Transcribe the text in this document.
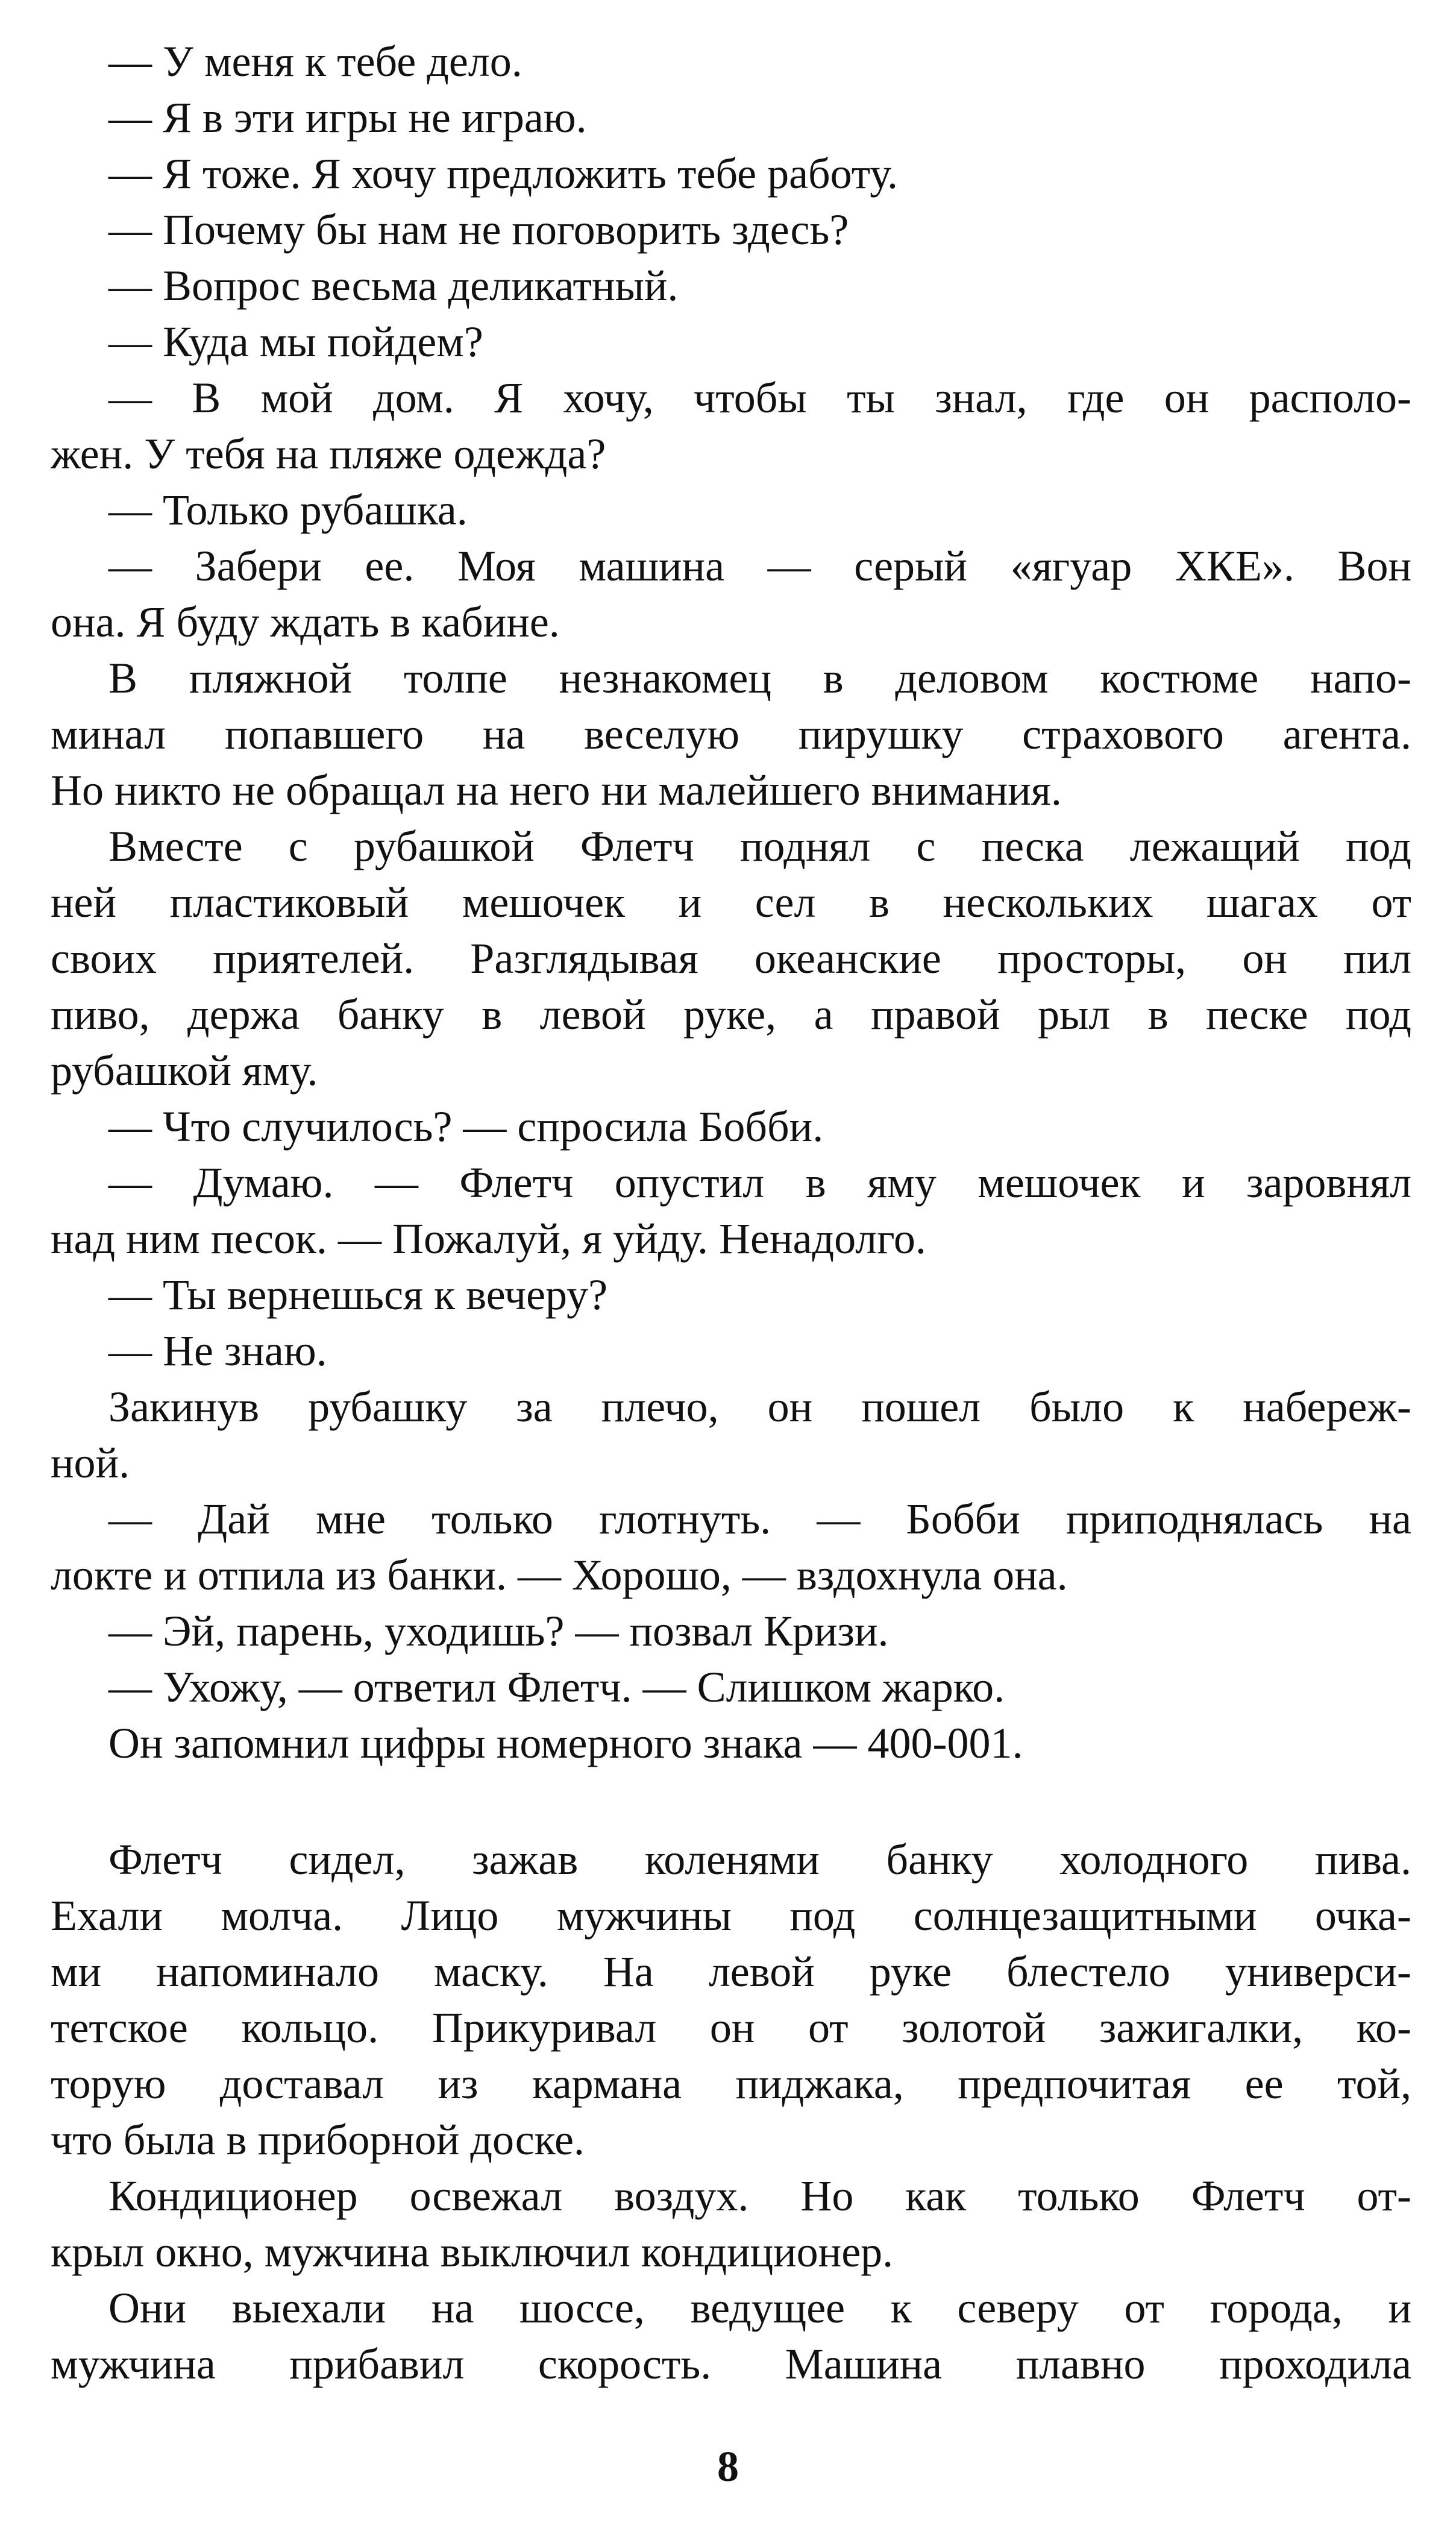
— У меня к тебе дело.
— Я в эти игры не играю.
— Я тоже. Я хочу предложить тебе работу.
— Почему бы нам не поговорить здесь?
— Вопрос весьма деликатный.
— Куда мы пойдем?
— В мой дом. Я хочу, чтобы ты знал, где он располо-
жен. У тебя на пляже одежда?
— Только рубашка.
— Забери ее. Моя машина — серый «ягуар ХКЕ». Вон
она. Я буду ждать в кабине.
В пляжной толпе незнакомец в деловом костюме напо-
минал попавшего на веселую пирушку страхового агента.
Но никто не обращал на него ни малейшего внимания.
Вместе с рубашкой Флетч поднял с песка лежащий под
ней пластиковый мешочек и сел в нескольких шагах от
своих приятелей. Разглядывая океанские просторы, он пил
пиво, держа банку в левой руке, а правой рыл в песке под
рубашкой яму.
— Что случилось? — спросила Бобби.
— Думаю. — Флетч опустил в яму мешочек и заровнял
над ним песок. — Пожалуй, я уйду. Ненадолго.
— Ты вернешься к вечеру?
— Не знаю.
Закинув рубашку за плечо, он пошел было к набереж-
ной.
— Дай мне только глотнуть. — Бобби приподнялась на
локте и отпила из банки. — Хорошо, — вздохнула она.
— Эй, парень, уходишь? — позвал Кризи.
— Ухожу, — ответил Флетч. — Слишком жарко.
Он запомнил цифры номерного знака — 400-001.
Флетч сидел, зажав коленями банку холодного пива.
Ехали молча. Лицо мужчины под солнцезащитными очка-
ми напоминало маску. На левой руке блестело универси-
тетское кольцо. Прикуривал он от золотой зажигалки, ко-
торую доставал из кармана пиджака, предпочитая ее той,
что была в приборной доске.
Кондиционер освежал воздух. Но как только Флетч от-
крыл окно, мужчина выключил кондиционер.
Они выехали на шоссе, ведущее к северу от города, и
мужчина прибавил скорость. Машина плавно проходила
8
